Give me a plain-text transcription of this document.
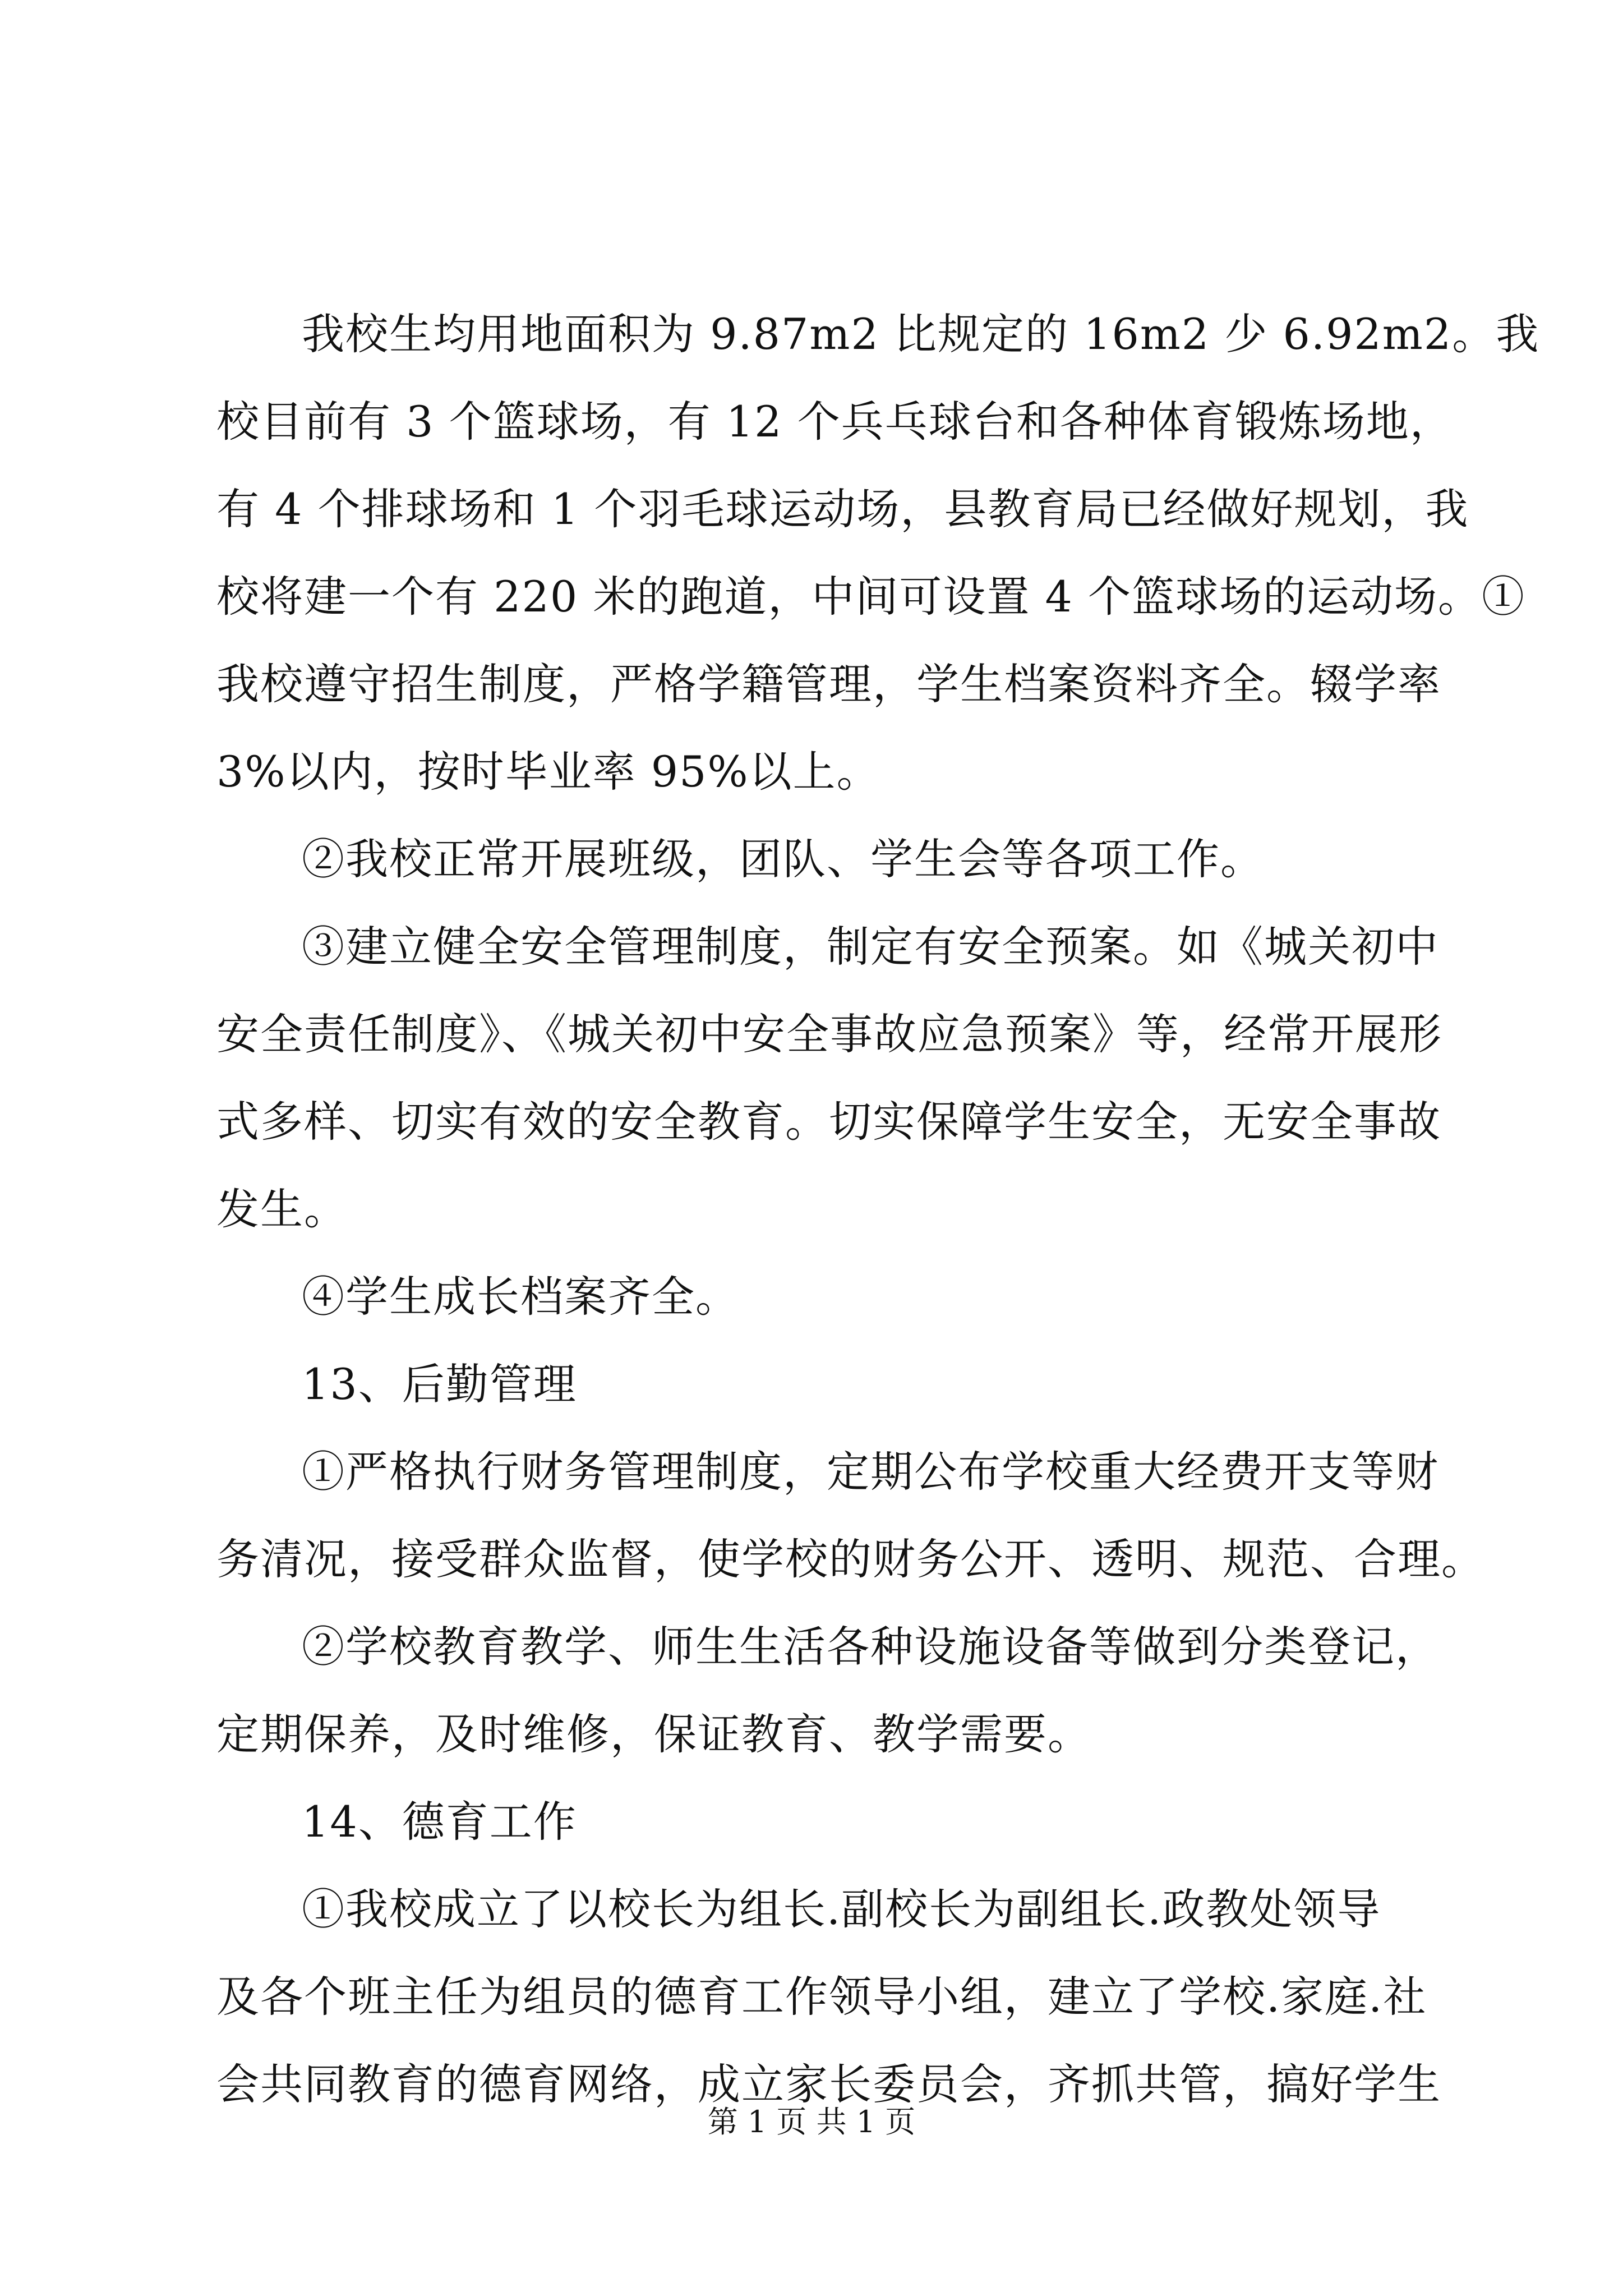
我校生均用地面积为 9.87m2 比规定的 16m2 少 6.92m2。我
校目前有 3 个篮球场，有 12 个兵乓球台和各种体育锻炼场地，
有 4 个排球场和 1 个羽毛球运动场，县教育局已经做好规划，我
校将建一个有 220 米的跑道，中间可设置 4 个篮球场的运动场。①
我校遵守招生制度，严格学籍管理，学生档案资料齐全。辍学率
3%以内，按时毕业率 95%以上。
②我校正常开展班级，团队、学生会等各项工作。
③建立健全安全管理制度，制定有安全预案。如《城关初中
安全责任制度》、《城关初中安全事故应急预案》等，经常开展形
式多样、切实有效的安全教育。切实保障学生安全，无安全事故
发生。
④学生成长档案齐全。
13、后勤管理
①严格执行财务管理制度，定期公布学校重大经费开支等财
务清况，接受群众监督，使学校的财务公开、透明、规范、合理。
②学校教育教学、师生生活各种设施设备等做到分类登记，
定期保养，及时维修，保证教育、教学需要。
14、德育工作
①我校成立了以校长为组长.副校长为副组长.政教处领导
及各个班主任为组员的德育工作领导小组，建立了学校.家庭.社
会共同教育的德育网络，成立家长委员会，齐抓共管，搞好学生
第 1 页 共 1 页
